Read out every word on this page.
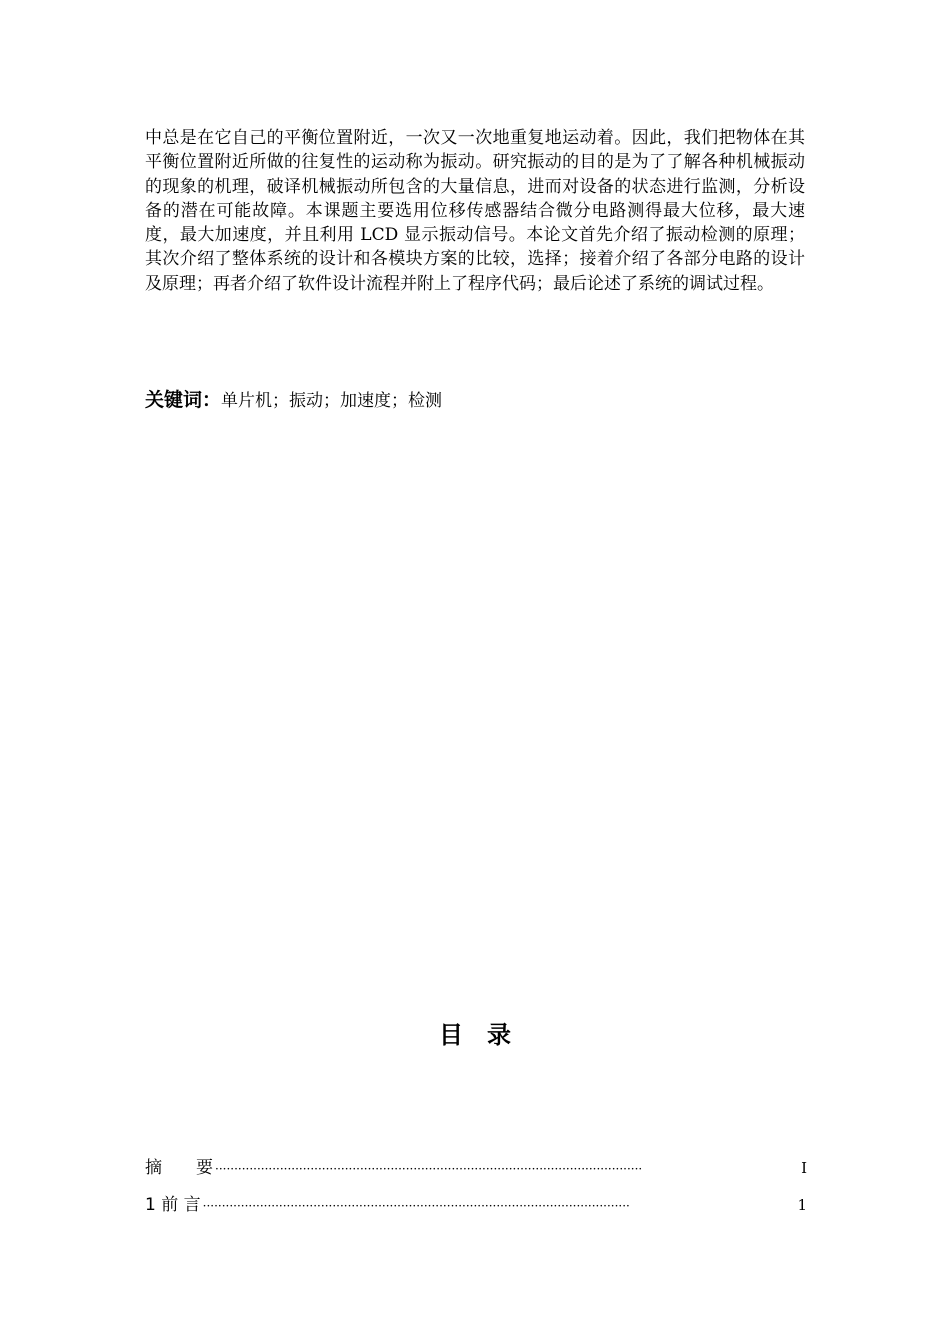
中总是在它自己的平衡位置附近，一次又一次地重复地运动着。因此，我们把物体在其平衡位置附近所做的往复性的运动称为振动。研究振动的目的是为了了解各种机械振动的现象的机理，破译机械振动所包含的大量信息，进而对设备的状态进行监测，分析设备的潜在可能故障。本课题主要选用位移传感器结合微分电路测得最大位移，最大速度，最大加速度，并且利用 LCD 显示振动信号。本论文首先介绍了振动检测的原理；其次介绍了整体系统的设计和各模块方案的比较，选择；接着介绍了各部分电路的设计及原理；再者介绍了软件设计流程并附上了程序代码；最后论述了系统的调试过程。

关键词：单片机；振动；加速度；检测

目　录
摘　　要 ················································································································	I
1 前 言 ················································································································	1
